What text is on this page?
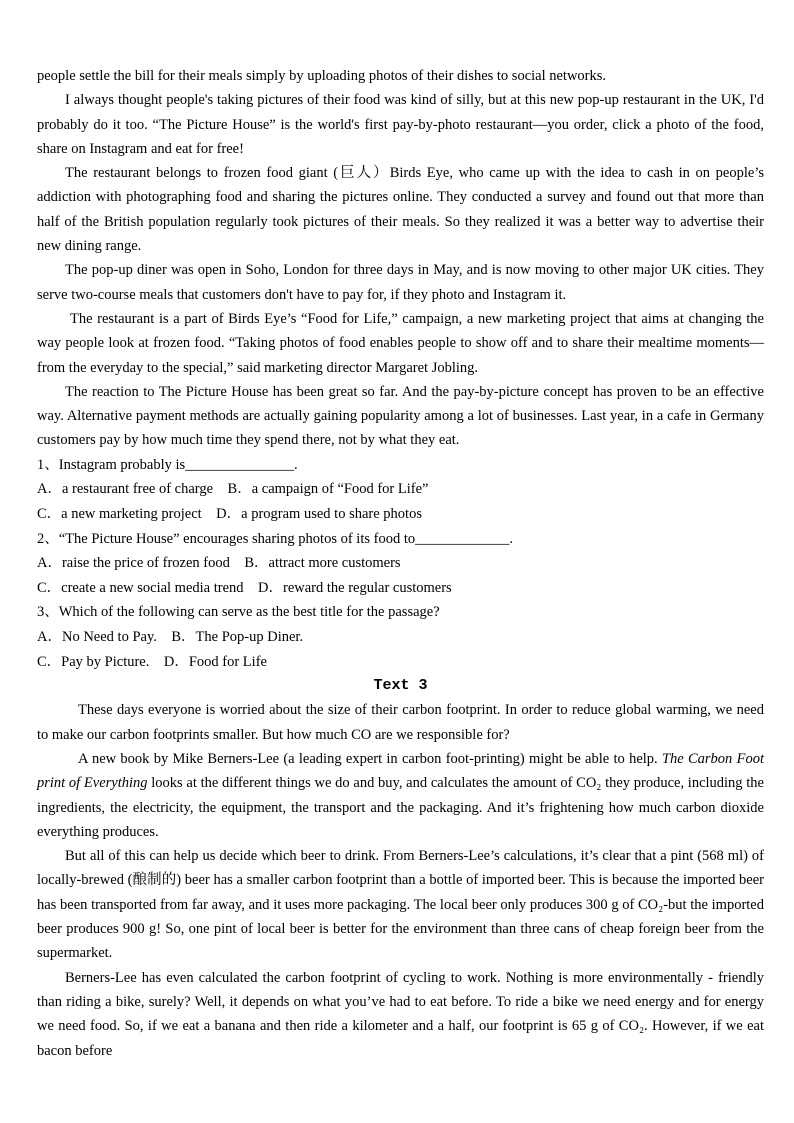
people settle the bill for their meals simply by uploading photos of their dishes to social networks.

I always thought people's taking pictures of their food was kind of silly, but at this new pop-up restaurant in the UK, I'd probably do it too. “The Picture House” is the world's first pay-by-photo restaurant—you order, click a photo of the food, share on Instagram and eat for free!

The restaurant belongs to frozen food giant (巨人）Birds Eye, who came up with the idea to cash in on people’s addiction with photographing food and sharing the pictures online. They conducted a survey and found out that more than half of the British population regularly took pictures of their meals. So they realized it was a better way to advertise their new dining range.

The pop-up diner was open in Soho, London for three days in May, and is now moving to other major UK cities. They serve two-course meals that customers don't have to pay for, if they photo and Instagram it.

The restaurant is a part of Birds Eye’s “Food for Life,” campaign, a new marketing project that aims at changing the way people look at frozen food. “Taking photos of food enables people to show off and to share their mealtime moments—from the everyday to the special,” said marketing director Margaret Jobling.

The reaction to The Picture House has been great so far. And the pay-by-picture concept has proven to be an effective way. Alternative payment methods are actually gaining popularity among a lot of businesses. Last year, in a cafe in Germany customers pay by how much time they spend there, not by what they eat.

1、Instagram probably is_______________.

A．a restaurant free of charge    B．a campaign of “Food for Life”

C．a new marketing project    D．a program used to share photos

2、“The Picture House” encourages sharing photos of its food to_____________.

A．raise the price of frozen food    B．attract more customers

C．create a new social media trend    D．reward the regular customers

3、Which of the following can serve as the best title for the passage?

A．No Need to Pay.    B．The Pop-up Diner.

C．Pay by Picture.    D．Food for Life

Text 3

These days everyone is worried about the size of their carbon footprint. In order to reduce global warming, we need to make our carbon footprints smaller. But how much CO are we responsible for?

A new book by Mike Berners-Lee (a leading expert in carbon foot-printing) might be able to help. The Carbon Foot print of Everything looks at the different things we do and buy, and calculates the amount of CO₂ they produce, including the ingredients, the electricity, the equipment, the transport and the packaging. And it’s frightening how much carbon dioxide everything produces.

But all of this can help us decide which beer to drink. From Berners-Lee’s calculations, it’s clear that a pint (568 ml) of locally-brewed (酿制的) beer has a smaller carbon footprint than a bottle of imported beer. This is because the imported beer has been transported from far away, and it uses more packaging. The local beer only produces 300 g of CO₂-but the imported beer produces 900 g! So, one pint of local beer is better for the environment than three cans of cheap foreign beer from the supermarket.

Berners-Lee has even calculated the carbon footprint of cycling to work. Nothing is more environmentally - friendly than riding a bike, surely? Well, it depends on what you’ve had to eat before. To ride a bike we need energy and for energy we need food. So, if we eat a banana and then ride a kilometer and a half, our footprint is 65 g of CO₂. However, if we eat bacon before
